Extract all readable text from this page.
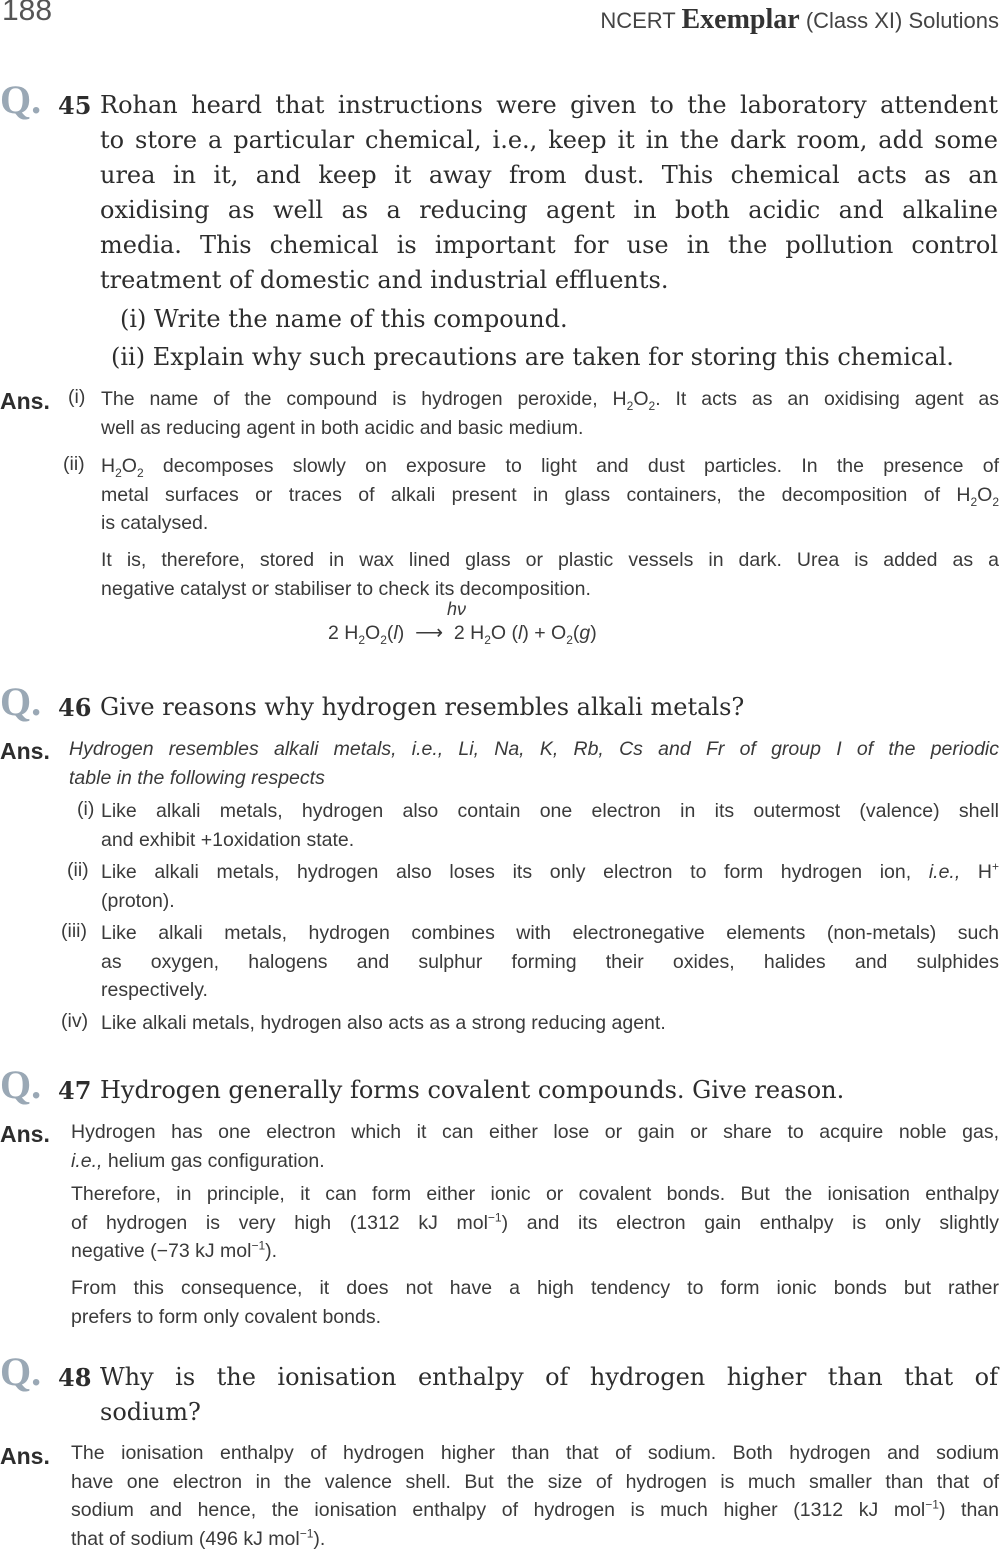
188	NCERT Exemplar (Class XI) Solutions
Q. 45 Rohan heard that instructions were given to the laboratory attendent
to store a particular chemical, i.e., keep it in the dark room, add some
urea in it, and keep it away from dust. This chemical acts as an
oxidising as well as a reducing agent in both acidic and alkaline
media. This chemical is important for use in the pollution control
treatment of domestic and industrial effluents.
(i) Write the name of this compound.
(ii) Explain why such precautions are taken for storing this chemical.
Ans. (i) The name of the compound is hydrogen peroxide, $H_2O_2$. It acts as an oxidising agent as
well as reducing agent in both acidic and basic medium.
(ii) $H_2O_2$ decomposes slowly on exposure to light and dust particles. In the presence of
metal surfaces or traces of alkali present in glass containers, the decomposition of $H_2O_2$
is catalysed.
It is, therefore, stored in wax lined glass or plastic vessels in dark. Urea is added as a
negative catalyst or stabiliser to check its decomposition.
hν
2 $H_2O_2(l)$  ⟶  2 $H_2O$ $(l) + O_2(g)$
Q. 46 Give reasons why hydrogen resembles alkali metals?
Ans. Hydrogen resembles alkali metals, i.e., Li, Na, K, Rb, Cs and Fr of group I of the periodic
table in the following respects
(i) Like alkali metals, hydrogen also contain one electron in its outermost (valence) shell
and exhibit +1oxidation state.
(ii) Like alkali metals, hydrogen also loses its only electron to form hydrogen ion, i.e., H+
(proton).
(iii) Like alkali metals, hydrogen combines with electronegative elements (non-metals) such
as oxygen, halogens and sulphur forming their oxides, halides and sulphides
respectively.
(iv) Like alkali metals, hydrogen also acts as a strong reducing agent.
Q. 47 Hydrogen generally forms covalent compounds. Give reason.
Ans. Hydrogen has one electron which it can either lose or gain or share to acquire noble gas,
i.e., helium gas configuration.
Therefore, in principle, it can form either ionic or covalent bonds. But the ionisation enthalpy
of hydrogen is very high (1312 kJ mol$^{-1}$) and its electron gain enthalpy is only slightly
negative (−73 kJ mol$^{-1}$).
From this consequence, it does not have a high tendency to form ionic bonds but rather
prefers to form only covalent bonds.
Q. 48 Why is the ionisation enthalpy of hydrogen higher than that of
sodium?
Ans. The ionisation enthalpy of hydrogen higher than that of sodium. Both hydrogen and sodium
have one electron in the valence shell. But the size of hydrogen is much smaller than that of
sodium and hence, the ionisation enthalpy of hydrogen is much higher (1312 kJ mol$^{-1}$) than
that of sodium (496 kJ mol$^{-1}$).
